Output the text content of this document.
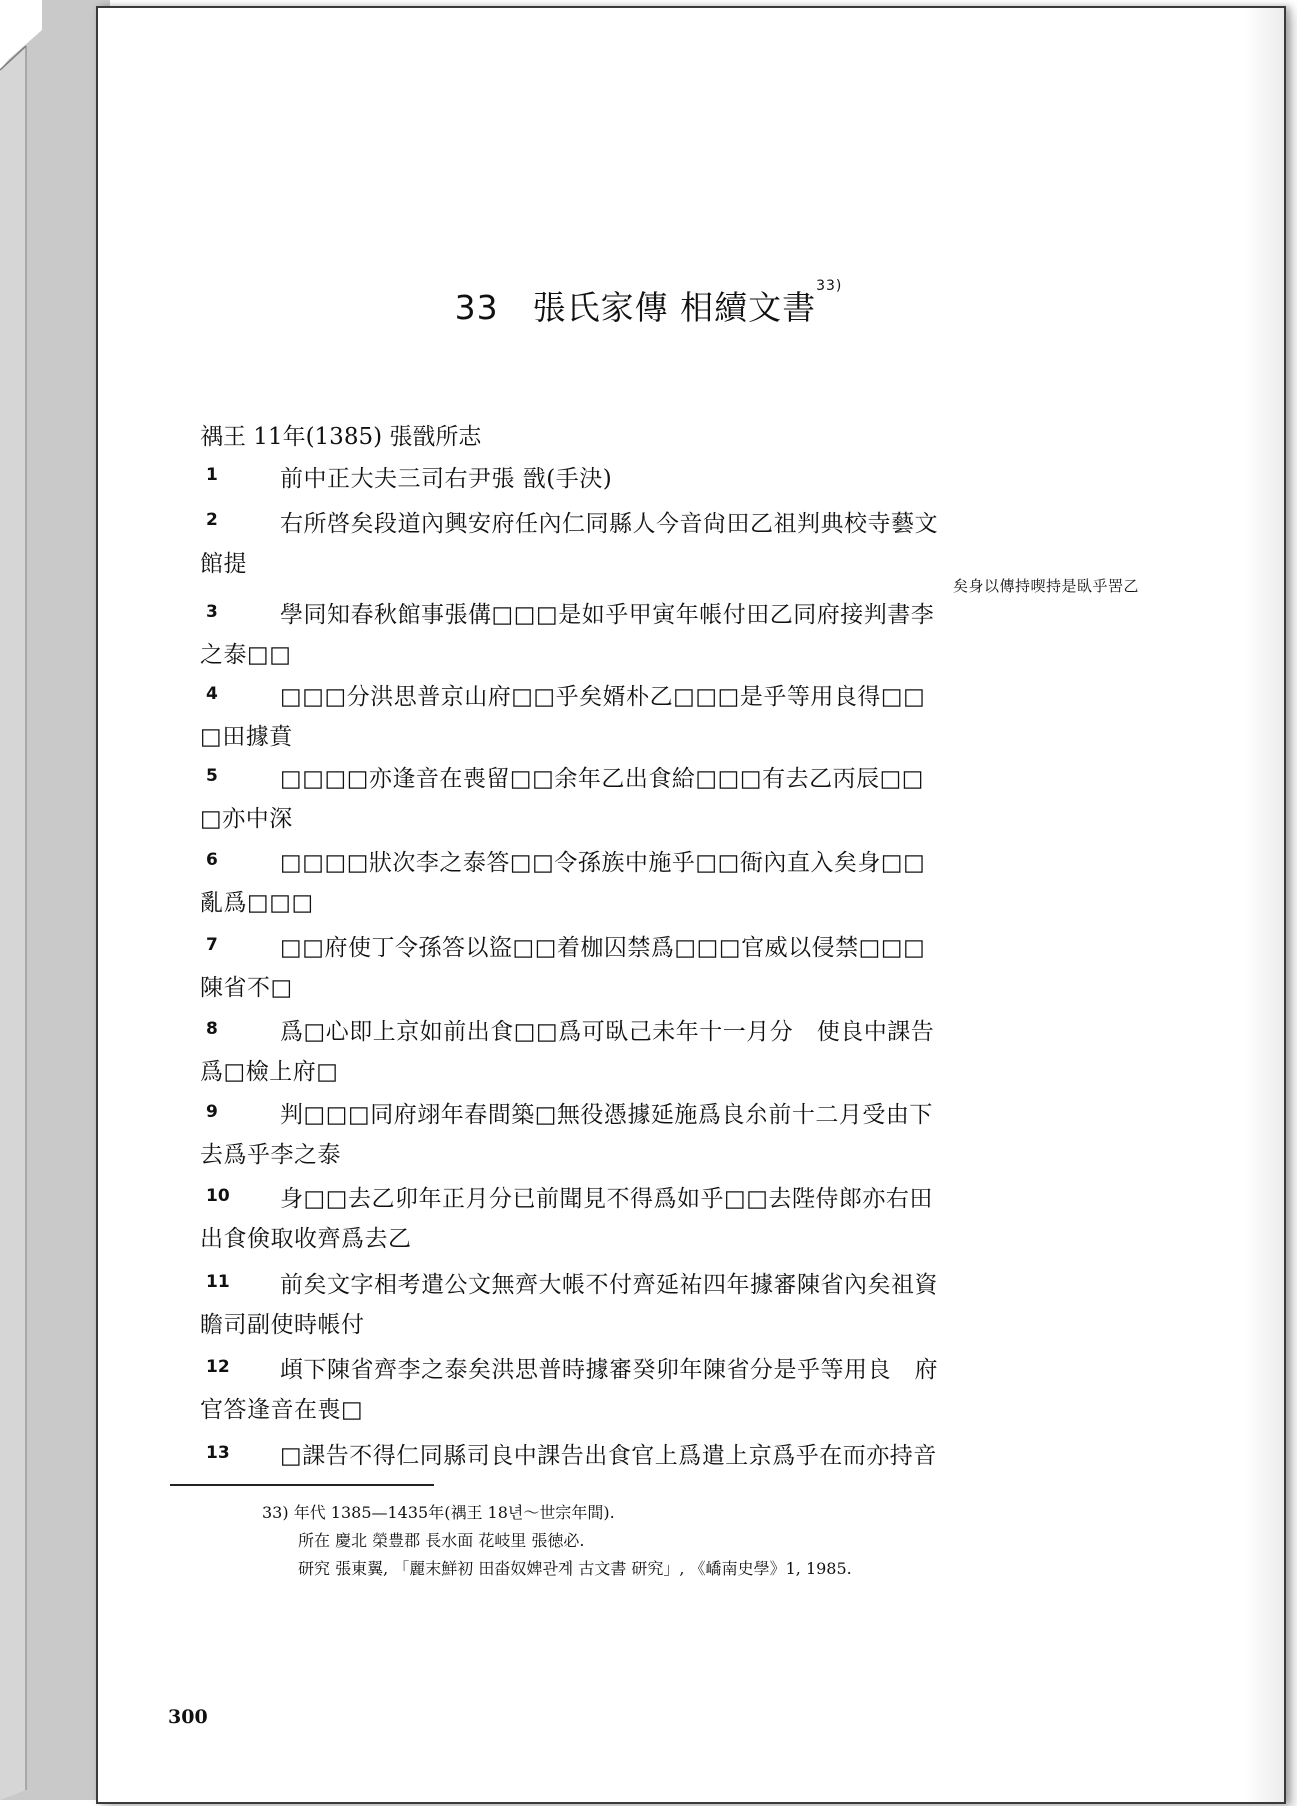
33 張氏家傳 相續文書$^{33)}$
禑王 11年(1385) 張戩所志
矣身以傳持喫持是臥乎罟乙
1	前中正大夫三司右尹張 戩(手決)
2	右所啓矣段道內興安府任內仁同縣人今音尙田乙祖判典校寺藝文
館提
3	學同知春秋館事張傋□□□是如乎甲寅年帳付田乙同府接判書李
之泰□□
4	□□□分洪思普京山府□□乎矣婿朴乙□□□是乎等用良得□□
□田據賁
5	□□□□亦逢音在喪留□□余年乙出食給□□□有去乙丙辰□□
□亦中深
6	□□□□狀次李之泰答□□令孫族中施乎□□衙內直入矣身□□
亂爲□□□
7	□□府使丁令孫答以盜□□着枷囚禁爲□□□官威以侵禁□□□
陳省不□
8	爲□心即上京如前出食□□爲可臥己未年十一月分　使良中課告
爲□檢上府□
9	判□□□同府翊年春間築□無役憑據延施爲良厼前十二月受由下
去爲乎李之泰
10 身□□去乙卯年正月分已前聞見不得爲如乎□□去陛侍郞亦右田
出食倹取收齊爲去乙
11 前矣文字相考遣公文無齊大帳不付齊延祐四年據審陳省內矣祖資
瞻司副使時帳付
12 頉下陳省齊李之泰矣洪思普時據審癸卯年陳省分是乎等用良　府
官答逢音在喪□
13 □課告不得仁同縣司良中課告出食官上爲遣上京爲乎在而亦持音
33) 年代 1385—1435年(禑王 18년～世宗年間).
所在 慶北 榮豊郡 長水面 花岐里 張徳必.
研究 張東翼, 「麗末鮮初 田畓奴婢관계 古文書 研究」, 《嶠南史學》1, 1985.
300
